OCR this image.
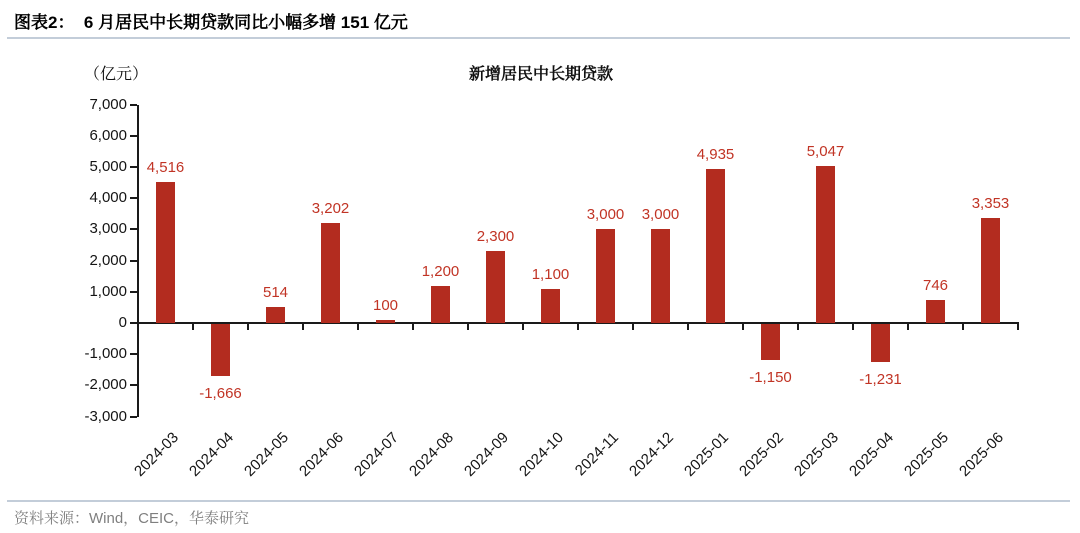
图表2：  6 月居民中长期贷款同比小幅多增 151 亿元
（亿元）	新增居民中长期贷款
7,000
6,000
5,000
4,000
3,000
2,000
1,000
0
-1,000
-2,000
-3,000
4,516
2024-03
-1,666
2024-04
514
2024-05
3,202
2024-06
100
2024-07
1,200
2024-08
2,300
2024-09
1,100
2024-10
3,000
2024-11
3,000
2024-12
4,935
2025-01
-1,150
2025-02
5,047
2025-03
-1,231
2025-04
746
2025-05
3,353
2025-06
资料来源：Wind，CEIC，华泰研究
